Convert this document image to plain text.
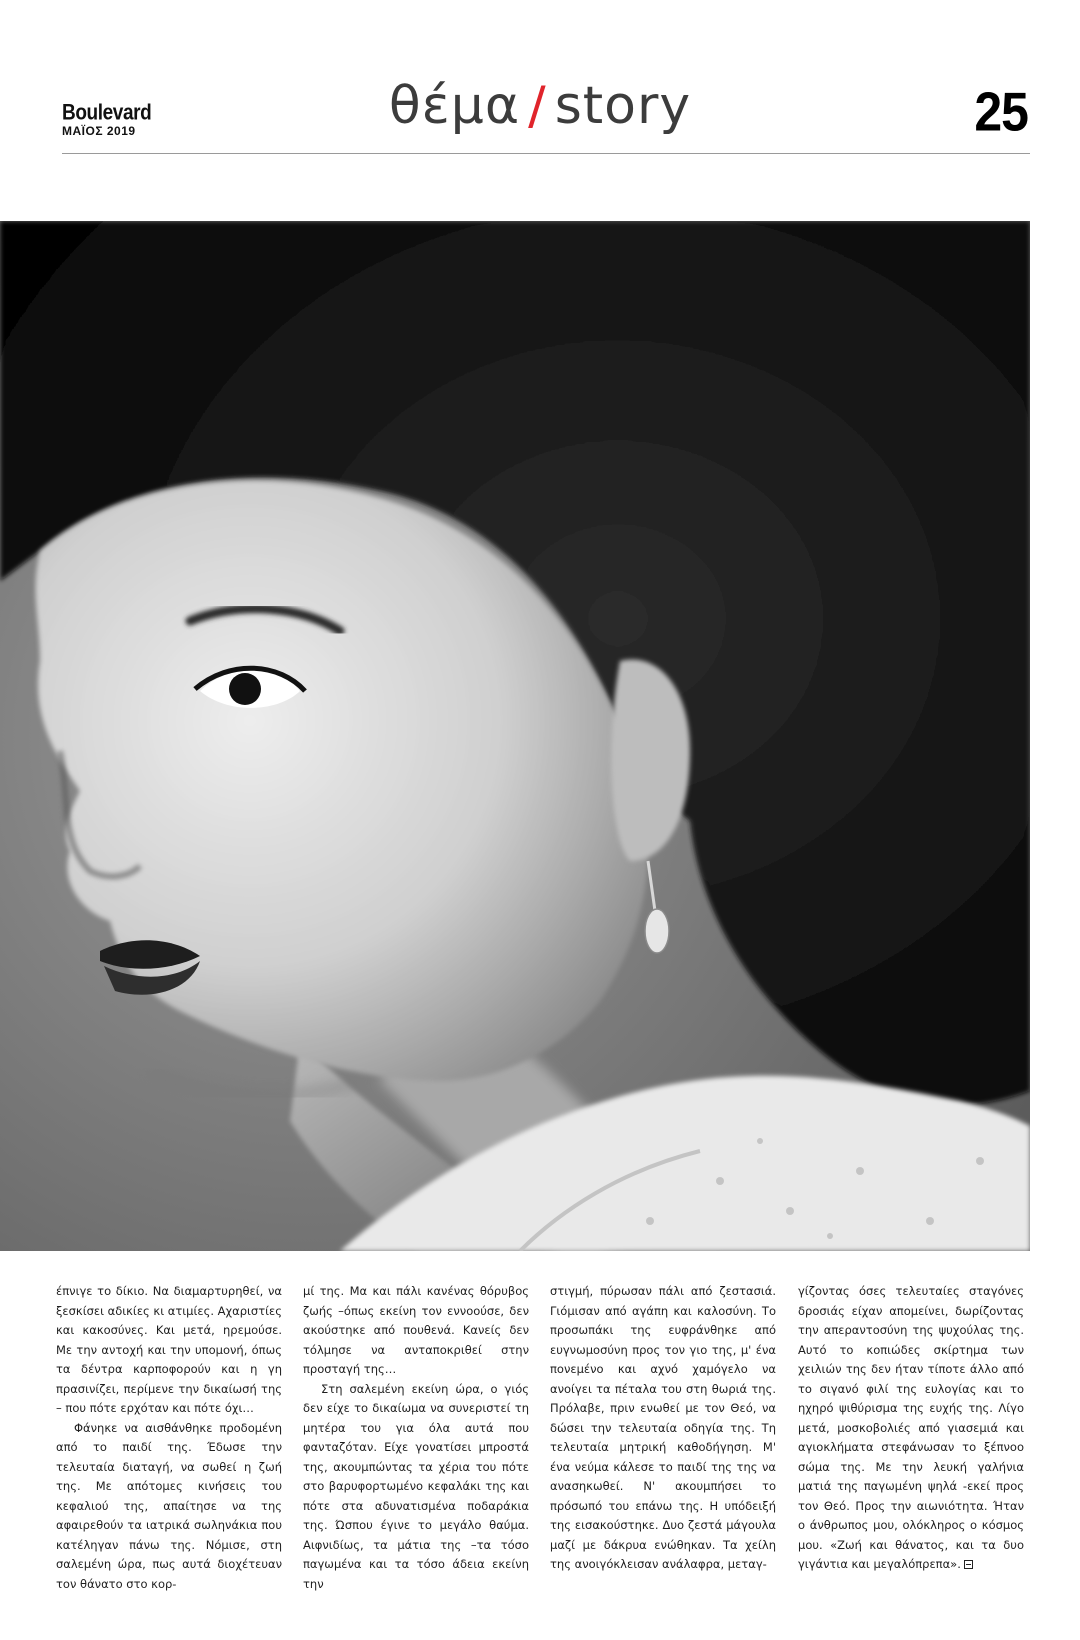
Boulevard
ΜΑΪΟΣ 2019	θέμα / story	25

έπνιγε το δίκιο. Να διαμαρτυρηθεί, να ξεσκίσει αδικίες κι ατιμίες. Αχαριστίες και κακοσύνες. Και μετά, ηρεμούσε. Με την αντοχή και την υπομονή, όπως τα δέντρα καρποφορούν και η γη πρασινίζει, περίμενε την δικαίωσή της – που πότε ερχόταν και πότε όχι…

Φάνηκε να αισθάνθηκε προδομένη από το παιδί της. Έδωσε την τελευταία διαταγή, να σωθεί η ζωή της. Με απότομες κινήσεις του κεφαλιού της, απαίτησε να της αφαιρεθούν τα ιατρικά σωληνάκια που κατέληγαν πάνω της. Νόμισε, στη σαλεμένη ώρα, πως αυτά διοχέτευαν τον θάνατο στο κορ-

μί της. Μα και πάλι κανένας θόρυβος ζωής –όπως εκείνη τον εννοούσε, δεν ακούστηκε από πουθενά. Κανείς δεν τόλμησε να ανταποκριθεί στην προσταγή της…

Στη σαλεμένη εκείνη ώρα, ο γιός δεν είχε το δικαίωμα να συνεριστεί τη μητέρα του για όλα αυτά που φανταζόταν. Είχε γονατίσει μπροστά της, ακουμπώντας τα χέρια του πότε στο βαρυφορτωμένο κεφαλάκι της και πότε στα αδυνατισμένα ποδαράκια της. Ώσπου έγινε το μεγάλο θαύμα. Αιφνιδίως, τα μάτια της –τα τόσο παγωμένα και τα τόσο άδεια εκείνη την

στιγμή, πύρωσαν πάλι από ζεστασιά. Γιόμισαν από αγάπη και καλοσύνη. Το προσωπάκι της ευφράνθηκε από ευγνωμοσύνη προς τον γιο της, μ' ένα πονεμένο και αχνό χαμόγελο να ανοίγει τα πέταλα του στη θωριά της. Πρόλαβε, πριν ενωθεί με τον Θεό, να δώσει την τελευταία οδηγία της. Τη τελευταία μητρική καθοδήγηση. Μ' ένα νεύμα κάλεσε το παιδί της της να ανασηκωθεί. Ν' ακουμπήσει το πρόσωπό του επάνω της. Η υπόδειξή της εισακούστηκε. Δυο ζεστά μάγουλα μαζί με δάκρυα ενώθηκαν. Τα χείλη της ανοιγόκλεισαν ανάλαφρα, μεταγ-

γίζοντας όσες τελευταίες σταγόνες δροσιάς είχαν απομείνει, δωρίζοντας την απεραντοσύνη της ψυχούλας της. Αυτό το κοπιώδες σκίρτημα των χειλιών της δεν ήταν τίποτε άλλο από το σιγανό φιλί της ευλογίας και το ηχηρό ψιθύρισμα της ευχής της. Λίγο μετά, μοσκοβολιές από γιασεμιά και αγιοκλήματα στεφάνωσαν το ξέπνοο σώμα της. Με την λευκή γαλήνια ματιά της παγωμένη ψηλά -εκεί προς τον Θεό. Προς την αιωνιότητα. Ήταν ο άνθρωπος μου, ολόκληρος ο κόσμος μου. «Ζωή και θάνατος, και τα δυο γιγάντια και μεγαλόπρεπα».
